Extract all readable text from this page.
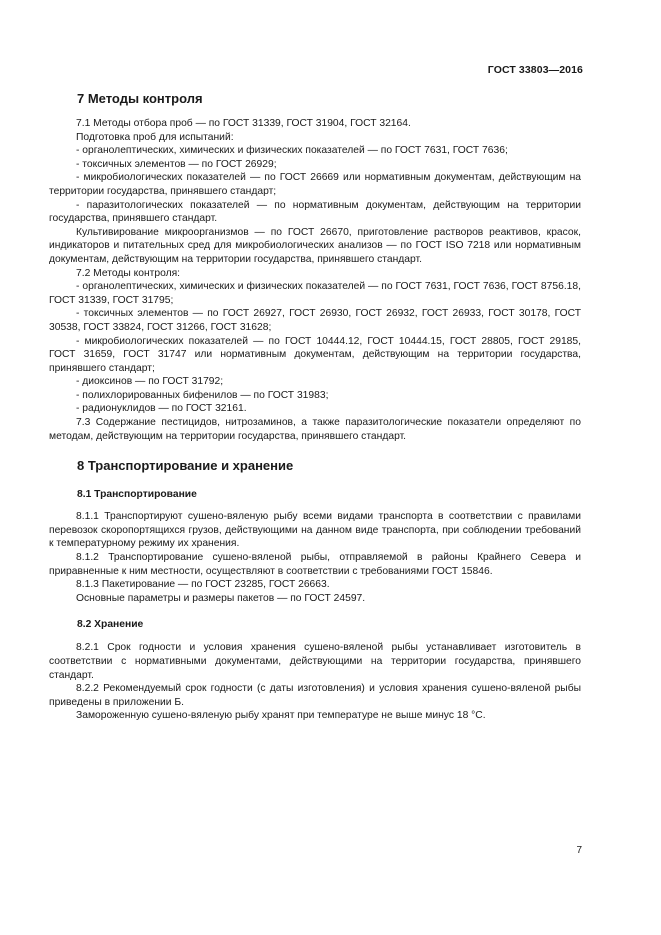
ГОСТ 33803—2016
7 Методы контроля

7.1 Методы отбора проб — по ГОСТ 31339, ГОСТ 31904, ГОСТ 32164.

Подготовка проб для испытаний:

- органолептических, химических и физических показателей — по ГОСТ 7631, ГОСТ 7636;

- токсичных элементов — по ГОСТ 26929;

- микробиологических показателей — по ГОСТ 26669 или нормативным документам, действующим на территории государства, принявшего стандарт;

- паразитологических показателей — по нормативным документам, действующим на территории государства, принявшего стандарт.

Культивирование микроорганизмов — по ГОСТ 26670, приготовление растворов реактивов, красок, индикаторов и питательных сред для микробиологических анализов — по ГОСТ ISO 7218 или нормативным документам, действующим на территории государства, принявшего стандарт.

7.2 Методы контроля:

- органолептических, химических и физических показателей — по ГОСТ 7631, ГОСТ 7636, ГОСТ 8756.18, ГОСТ 31339, ГОСТ 31795;

- токсичных элементов — по ГОСТ 26927, ГОСТ 26930, ГОСТ 26932, ГОСТ 26933, ГОСТ 30178, ГОСТ 30538, ГОСТ 33824, ГОСТ 31266, ГОСТ 31628;

- микробиологических показателей — по ГОСТ 10444.12, ГОСТ 10444.15, ГОСТ 28805, ГОСТ 29185, ГОСТ 31659, ГОСТ 31747 или нормативным документам, действующим на территории государства, принявшего стандарт;

- диоксинов — по ГОСТ 31792;

- полихлорированных бифенилов — по ГОСТ 31983;

- радионуклидов — по ГОСТ 32161.

7.3 Содержание пестицидов, нитрозаминов, а также паразитологические показатели определяют по методам, действующим на территории государства, принявшего стандарт.

8 Транспортирование и хранение
8.1 Транспортирование

8.1.1 Транспортируют сушено-вяленую рыбу всеми видами транспорта в соответствии с правилами перевозок скоропортящихся грузов, действующими на данном виде транспорта, при соблюдении требований к температурному режиму их хранения.

8.1.2 Транспортирование сушено-вяленой рыбы, отправляемой в районы Крайнего Севера и приравненные к ним местности, осуществляют в соответствии с требованиями ГОСТ 15846.

8.1.3 Пакетирование — по ГОСТ 23285, ГОСТ 26663.

Основные параметры и размеры пакетов — по ГОСТ 24597.

8.2 Хранение

8.2.1 Срок годности и условия хранения сушено-вяленой рыбы устанавливает изготовитель в соответствии с нормативными документами, действующими на территории государства, принявшего стандарт.

8.2.2 Рекомендуемый срок годности (с даты изготовления) и условия хранения сушено-вяленой рыбы приведены в приложении Б.

Замороженную сушено-вяленую рыбу хранят при температуре не выше минус 18 °С.

7
